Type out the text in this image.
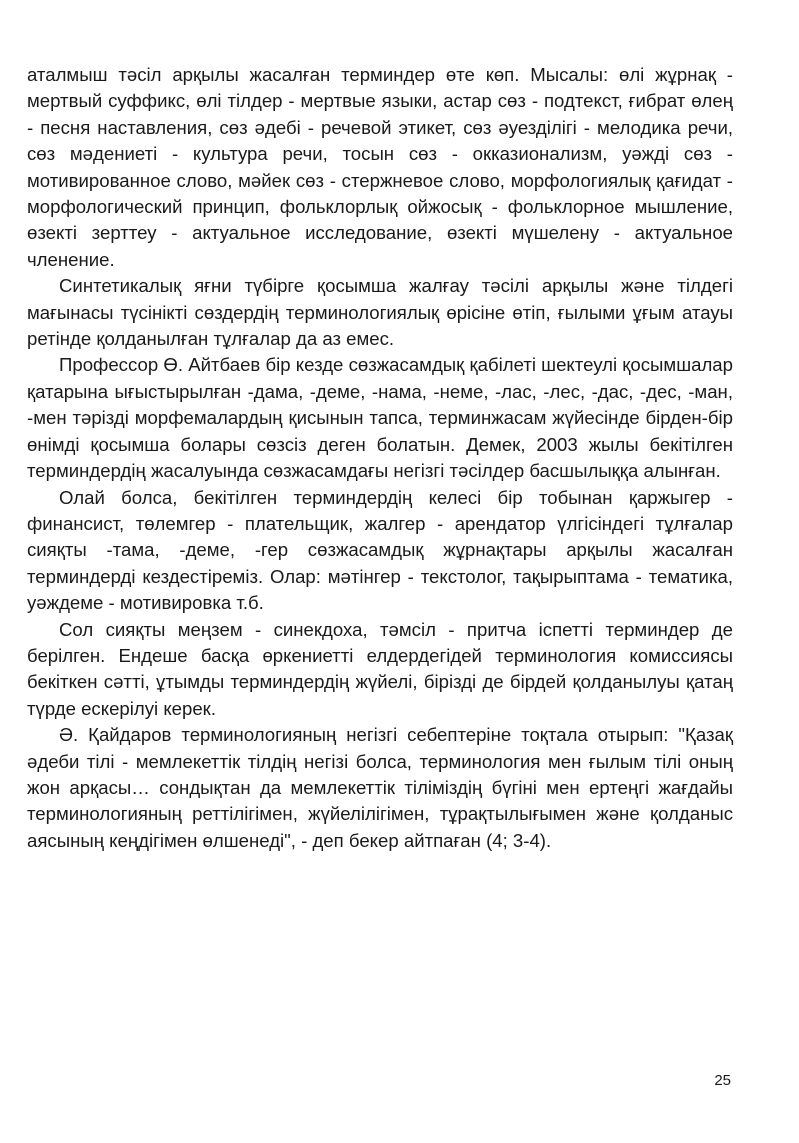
аталмыш тәсіл арқылы жасалған терминдер өте көп. Мысалы: өлі жұрнақ - мертвый суффикс, өлі тілдер - мертвые языки, астар сөз - подтекст, ғибрат өлең - песня наставления, сөз әдебі - речевой этикет, сөз әуезділігі - мелодика речи, сөз мәдениеті - культура речи, тосын сөз - окказионализм, уәжді сөз - мотивированное слово, мәйек сөз - стержневое слово, морфологиялық қағидат - морфологический принцип, фольклорлық ойжосық - фольклорное мышление, өзекті зерттеу - актуальное исследование, өзекті мүшелену - актуальное членение.

Синтетикалық яғни түбірге қосымша жалғау тәсілі арқылы және тілдегі мағынасы түсінікті сөздердің терминологиялық өрісіне өтіп, ғылыми ұғым атауы ретінде қолданылған тұлғалар да аз емес.

Профессор Ө. Айтбаев бір кезде сөзжасамдық қабілеті шектеулі қосымшалар қатарына ығыстырылған -дама, -деме, -нама, -неме, -лас, -лес, -дас, -дес, -ман, -мен тәрізді морфемалардың қисынын тапса, терминжасам жүйесінде бірден-бір өнімді қосымша болары сөзсіз деген болатын. Демек, 2003 жылы бекітілген терминдердің жасалуында сөзжасамдағы негізгі тәсілдер басшылыққа алынған.

Олай болса, бекітілген терминдердің келесі бір тобынан қаржыгер - финансист, төлемгер - плательщик, жалгер - арендатор үлгісіндегі тұлғалар сияқты -тама, -деме, -гер сөзжасамдық жұрнақтары арқылы жасалған терминдерді кездестіреміз. Олар: мәтінгер - текстолог, тақырыптама - тематика, уәждеме - мотивировка т.б.

Сол сияқты меңзем - синекдоха, тәмсіл - притча іспетті терминдер де берілген. Ендеше басқа өркениетті елдердегідей терминология комиссиясы бекіткен сәтті, ұтымды терминдердің жүйелі, бірізді де бірдей қолданылуы қатаң түрде ескерілуі керек.

Ә. Қайдаров терминологияның негізгі себептеріне тоқтала отырып: "Қазақ әдеби тілі - мемлекеттік тілдің негізі болса, терминология мен ғылым тілі оның жон арқасы… сондықтан да мемлекеттік тіліміздің бүгіні мен ертеңгі жағдайы терминологияның реттілігімен, жүйелілігімен, тұрақтылығымен және қолданыс аясының кеңдігімен өлшенеді", - деп бекер айтпаған (4; 3-4).

25
